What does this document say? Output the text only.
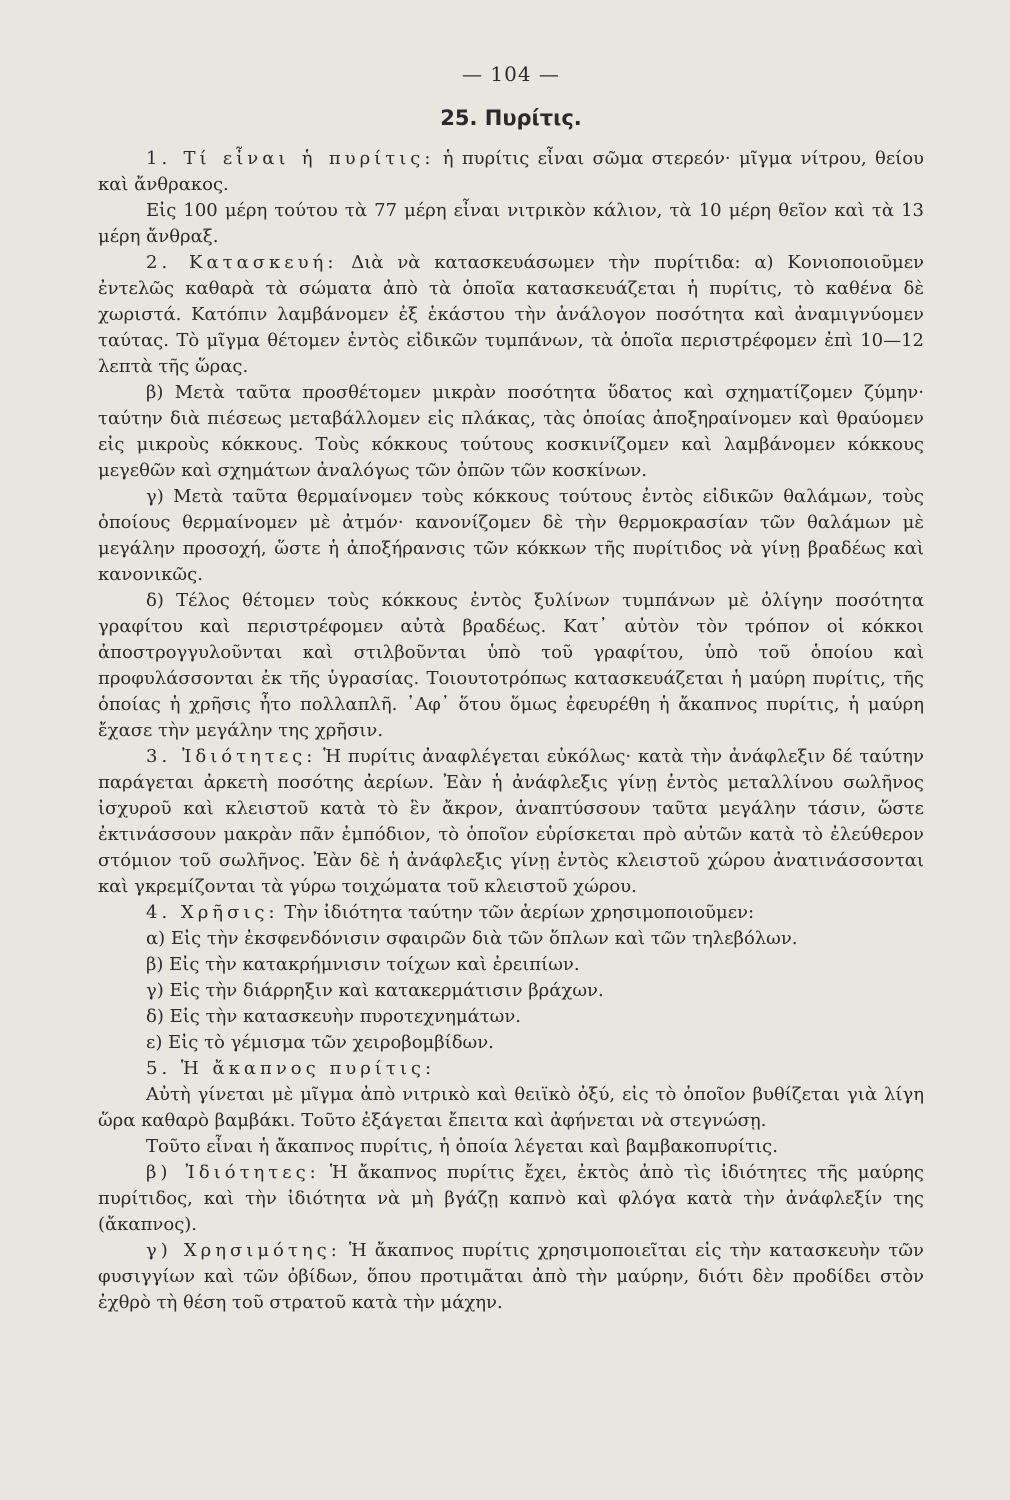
— 104 —
25. Πυρίτις.

1. Τί εἶναι ἡ πυρίτις: ἡ πυρίτις εἶναι σῶμα στερεόν· μῖγμα νίτρου, θείου καὶ ἄνθρακος.

Εἰς 100 μέρη τούτου τὰ 77 μέρη εἶναι νιτρικὸν κάλιον, τὰ 10 μέρη θεῖον καὶ τὰ 13 μέρη ἄνθραξ.

2. Κατασκευή: Διὰ νὰ κατασκευάσωμεν τὴν πυρίτιδα: α) Κονιοποιοῦμεν ἐντελῶς καθαρὰ τὰ σώματα ἀπὸ τὰ ὁποῖα κατασκευάζεται ἡ πυρίτις, τὸ καθένα δὲ χωριστά. Κατόπιν λαμβάνομεν ἐξ ἑκάστου τὴν ἀνάλογον ποσότητα καὶ ἀναμιγνύομεν ταύτας. Τὸ μῖγμα θέτομεν ἐντὸς εἰδικῶν τυμπάνων, τὰ ὁποῖα περιστρέφομεν ἐπὶ 10—12 λεπτὰ τῆς ὥρας.

β) Μετὰ ταῦτα προσθέτομεν μικρὰν ποσότητα ὕδατος καὶ σχηματίζομεν ζύμην· ταύτην διὰ πιέσεως μεταβάλλομεν εἰς πλάκας, τὰς ὁποίας ἀποξηραίνομεν καὶ θραύομεν εἰς μικροὺς κόκκους. Τοὺς κόκκους τούτους κοσκινίζομεν καὶ λαμβάνομεν κόκκους μεγεθῶν καὶ σχημάτων ἀναλόγως τῶν ὀπῶν τῶν κοσκίνων.

γ) Μετὰ ταῦτα θερμαίνομεν τοὺς κόκκους τούτους ἐντὸς εἰδικῶν θαλάμων, τοὺς ὁποίους θερμαίνομεν μὲ ἀτμόν· κανονίζομεν δὲ τὴν θερμοκρασίαν τῶν θαλάμων μὲ μεγάλην προσοχή, ὥστε ἡ ἀποξήρανσις τῶν κόκκων τῆς πυρίτιδος νὰ γίνῃ βραδέως καὶ κανονικῶς.

δ) Τέλος θέτομεν τοὺς κόκκους ἐντὸς ξυλίνων τυμπάνων μὲ ὀλίγην ποσότητα γραφίτου καὶ περιστρέφομεν αὐτὰ βραδέως. Κατ᾽ αὐτὸν τὸν τρόπον οἱ κόκκοι ἀποστρογγυλοῦνται καὶ στιλβοῦνται ὑπὸ τοῦ γραφίτου, ὑπὸ τοῦ ὁποίου καὶ προφυλάσσονται ἐκ τῆς ὑγρασίας. Τοιουτοτρόπως κατασκευάζεται ἡ μαύρη πυρίτις, τῆς ὁποίας ἡ χρῆσις ἦτο πολλαπλῆ. ᾽Αφ᾽ ὅτου ὅμως ἐφευρέθη ἡ ἄκαπνος πυρίτις, ἡ μαύρη ἔχασε τὴν μεγάλην της χρῆσιν.

3. Ἰδιότητες: Ἡ πυρίτις ἀναφλέγεται εὐκόλως· κατὰ τὴν ἀνάφλεξιν δέ ταύτην παράγεται ἀρκετὴ ποσότης ἀερίων. Ἐὰν ἡ ἀνάφλεξις γίνῃ ἐντὸς μεταλλίνου σωλῆνος ἰσχυροῦ καὶ κλειστοῦ κατὰ τὸ ἓν ἄκρον, ἀναπτύσσουν ταῦτα μεγάλην τάσιν, ὥστε ἐκτινάσσουν μακρὰν πᾶν ἐμπόδιον, τὸ ὁποῖον εὑρίσκεται πρὸ αὐτῶν κατὰ τὸ ἐλεύθερον στόμιον τοῦ σωλῆνος. Ἐὰν δὲ ἡ ἀνάφλεξις γίνῃ ἐντὸς κλειστοῦ χώρου ἀνατινάσσονται καὶ γκρεμίζονται τὰ γύρω τοιχώματα τοῦ κλειστοῦ χώρου.

4. Χρῆσις: Τὴν ἰδιότητα ταύτην τῶν ἀερίων χρησιμοποιοῦμεν:

α) Εἰς τὴν ἐκσφενδόνισιν σφαιρῶν διὰ τῶν ὅπλων καὶ τῶν τηλεβόλων.

β) Εἰς τὴν κατακρήμνισιν τοίχων καὶ ἐρειπίων.

γ) Εἰς τὴν διάρρηξιν καὶ κατακερμάτισιν βράχων.

δ) Εἰς τὴν κατασκευὴν πυροτεχνημάτων.

ε) Εἰς τὸ γέμισμα τῶν χειροβομβίδων.

5. Ἡ ἄκαπνος πυρίτις:

Αὐτὴ γίνεται μὲ μῖγμα ἀπὸ νιτρικὸ καὶ θειϊκὸ ὀξύ, εἰς τὸ ὁποῖον βυθίζεται γιὰ λίγη ὥρα καθαρὸ βαμβάκι. Τοῦτο ἐξάγεται ἔπειτα καὶ ἀφήνεται νὰ στεγνώσῃ.

Τοῦτο εἶναι ἡ ἄκαπνος πυρίτις, ἡ ὁποία λέγεται καὶ βαμβακοπυρίτις.

β) Ἰδιότητες: Ἡ ἄκαπνος πυρίτις ἔχει, ἐκτὸς ἀπὸ τὶς ἰδιότητες τῆς μαύρης πυρίτιδος, καὶ τὴν ἰδιότητα νὰ μὴ βγάζῃ καπνὸ καὶ φλόγα κατὰ τὴν ἀνάφλεξίν της (ἄκαπνος).

γ) Χρησιμότης: Ἡ ἄκαπνος πυρίτις χρησιμοποιεῖται εἰς τὴν κατασκευὴν τῶν φυσιγγίων καὶ τῶν ὀβίδων, ὅπου προτιμᾶται ἀπὸ τὴν μαύρην, διότι δὲν προδίδει στὸν ἐχθρὸ τὴ θέση τοῦ στρατοῦ κατὰ τὴν μάχην.
